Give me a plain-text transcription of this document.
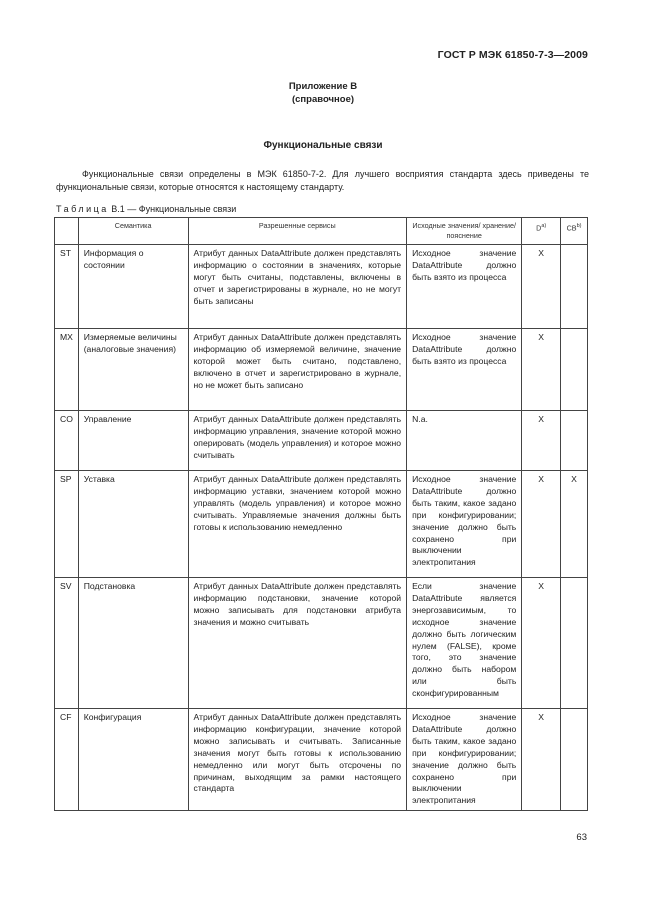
ГОСТ Р МЭК 61850-7-3—2009
Приложение В
(справочное)
Функциональные связи
Функциональные связи определены в МЭК 61850-7-2. Для лучшего восприятия стандарта здесь приведены те функциональные связи, которые относятся к настоящему стандарту.
Таблица В.1 — Функциональные связи
	Семантика	Разрешенные сервисы	Исходные значения/ хранение/пояснение	$D^{a)}$	CB$^{b)}$
ST	Информация о состоянии	Атрибут данных DataAttribute должен представлять информацию о состоянии в значениях, которые могут быть считаны, подставлены, включены в отчет и зарегистрированы в журнале, но не могут быть записаны	Исходное значение DataAttribute должно быть взято из процесса	X	
MX	Измеряемые величины (аналоговые значения)	Атрибут данных DataAttribute должен представлять информацию об измеряемой величине, значение которой может быть считано, подставлено, включено в отчет и зарегистрировано в журнале, но не может быть записано	Исходное значение DataAttribute должно быть взято из процесса	X	
CO	Управление	Атрибут данных DataAttribute должен представлять информацию управления, значение которой можно оперировать (модель управления) и которое можно считывать	N.a.	X	
SP	Уставка	Атрибут данных DataAttribute должен представлять информацию уставки, значением которой можно управлять (модель управления) и которое можно считывать. Управляемые значения должны быть готовы к использованию немедленно	Исходное значение DataAttribute должно быть таким, какое задано при конфигурировании; значение должно быть сохранено при выключении электропитания	X	X
SV	Подстановка	Атрибут данных DataAttribute должен представлять информацию подстановки, значение которой можно записывать для подстановки атрибута значения и можно считывать	Если значение DataAttribute является энергозависимым, то исходное значение должно быть логическим нулем (FALSE), кроме того, это значение должно быть набором или быть сконфигурированным	X	
CF	Конфигурация	Атрибут данных DataAttribute должен представлять информацию конфигурации, значение которой можно записывать и считывать. Записанные значения могут быть готовы к использованию немедленно или могут быть отсрочены по причинам, выходящим за рамки настоящего стандарта	Исходное значение DataAttribute должно быть таким, какое задано при конфигурировании; значение должно быть сохранено при выключении электропитания	X	
63
